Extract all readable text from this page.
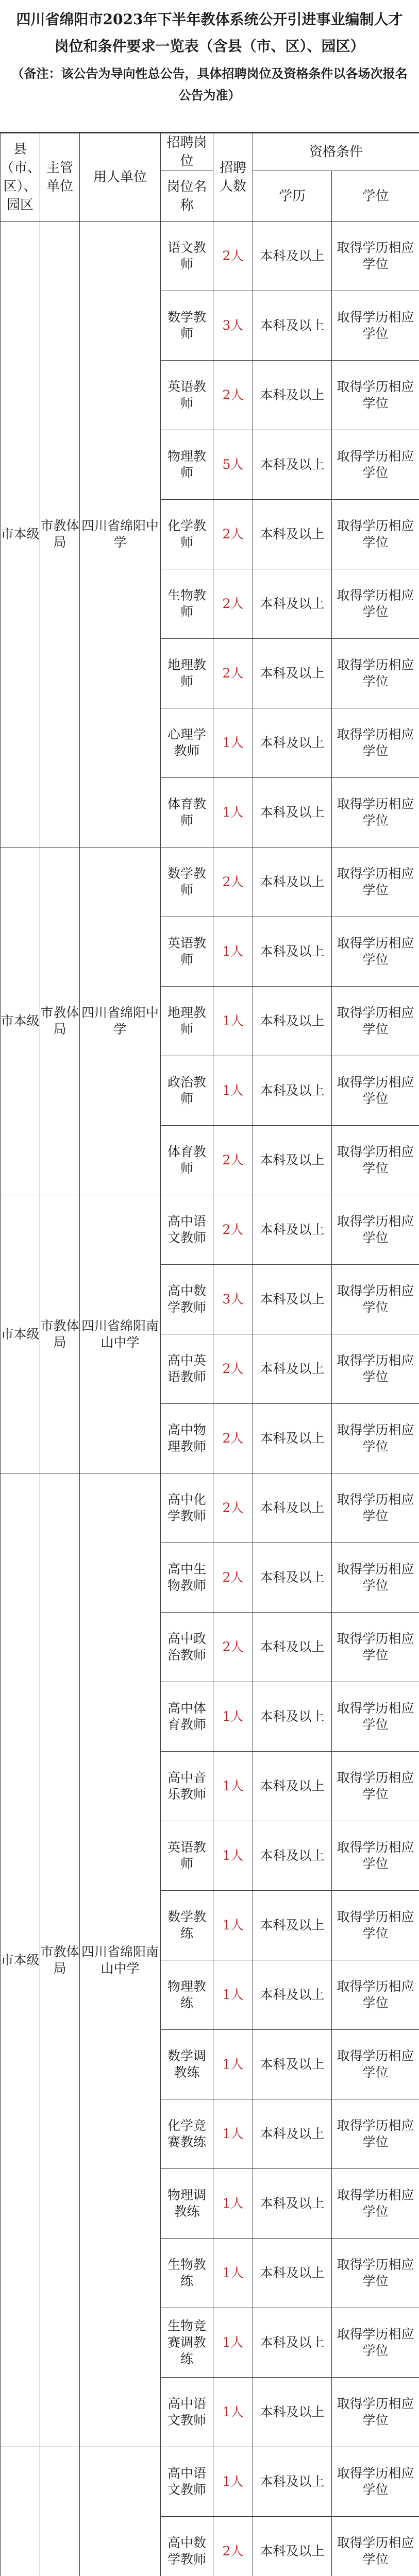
四川省绵阳市2023年下半年教体系统公开引进事业编制人才岗位和条件要求一览表（含县（市、区）、园区）
（备注：该公告为导向性总公告，具体招聘岗位及资格条件以各场次报名公告为准）
县（市、区）、园区	主管单位	用人单位	招聘岗位	招聘人数	资格条件	
			岗位名称		学历	学位
市本级	市教体局	四川省绵阳中学	语文教师	2人	本科及以上	取得学历相应学位
			数学教师	3人	本科及以上	取得学历相应学位
			英语教师	2人	本科及以上	取得学历相应学位
			物理教师	5人	本科及以上	取得学历相应学位
			化学教师	2人	本科及以上	取得学历相应学位
			生物教师	2人	本科及以上	取得学历相应学位
			地理教师	2人	本科及以上	取得学历相应学位
			心理学教师	1人	本科及以上	取得学历相应学位
			体育教师	1人	本科及以上	取得学历相应学位
市本级	市教体局	四川省绵阳中学	数学教师	2人	本科及以上	取得学历相应学位
			英语教师	1人	本科及以上	取得学历相应学位
			地理教师	1人	本科及以上	取得学历相应学位
			政治教师	1人	本科及以上	取得学历相应学位
			体育教师	2人	本科及以上	取得学历相应学位
市本级	市教体局	四川省绵阳南山中学	高中语文教师	2人	本科及以上	取得学历相应学位
			高中数学教师	3人	本科及以上	取得学历相应学位
			高中英语教师	2人	本科及以上	取得学历相应学位
			高中物理教师	2人	本科及以上	取得学历相应学位
市本级	市教体局	四川省绵阳南山中学	高中化学教师	2人	本科及以上	取得学历相应学位
			高中生物教师	2人	本科及以上	取得学历相应学位
			高中政治教师	2人	本科及以上	取得学历相应学位
			高中体育教师	1人	本科及以上	取得学历相应学位
			高中音乐教师	1人	本科及以上	取得学历相应学位
			英语教师	1人	本科及以上	取得学历相应学位
			数学教练	1人	本科及以上	取得学历相应学位
			物理教练	1人	本科及以上	取得学历相应学位
			数学调教练	1人	本科及以上	取得学历相应学位
			化学竞赛教练	1人	本科及以上	取得学历相应学位
			物理调教练	1人	本科及以上	取得学历相应学位
			生物教练	1人	本科及以上	取得学历相应学位
			生物竞赛调教练	1人	本科及以上	取得学历相应学位
			高中语文教师	1人	本科及以上	取得学历相应学位
			高中语文教师	1人	本科及以上	取得学历相应学位
			高中数学教师	2人	本科及以上	取得学历相应学位
